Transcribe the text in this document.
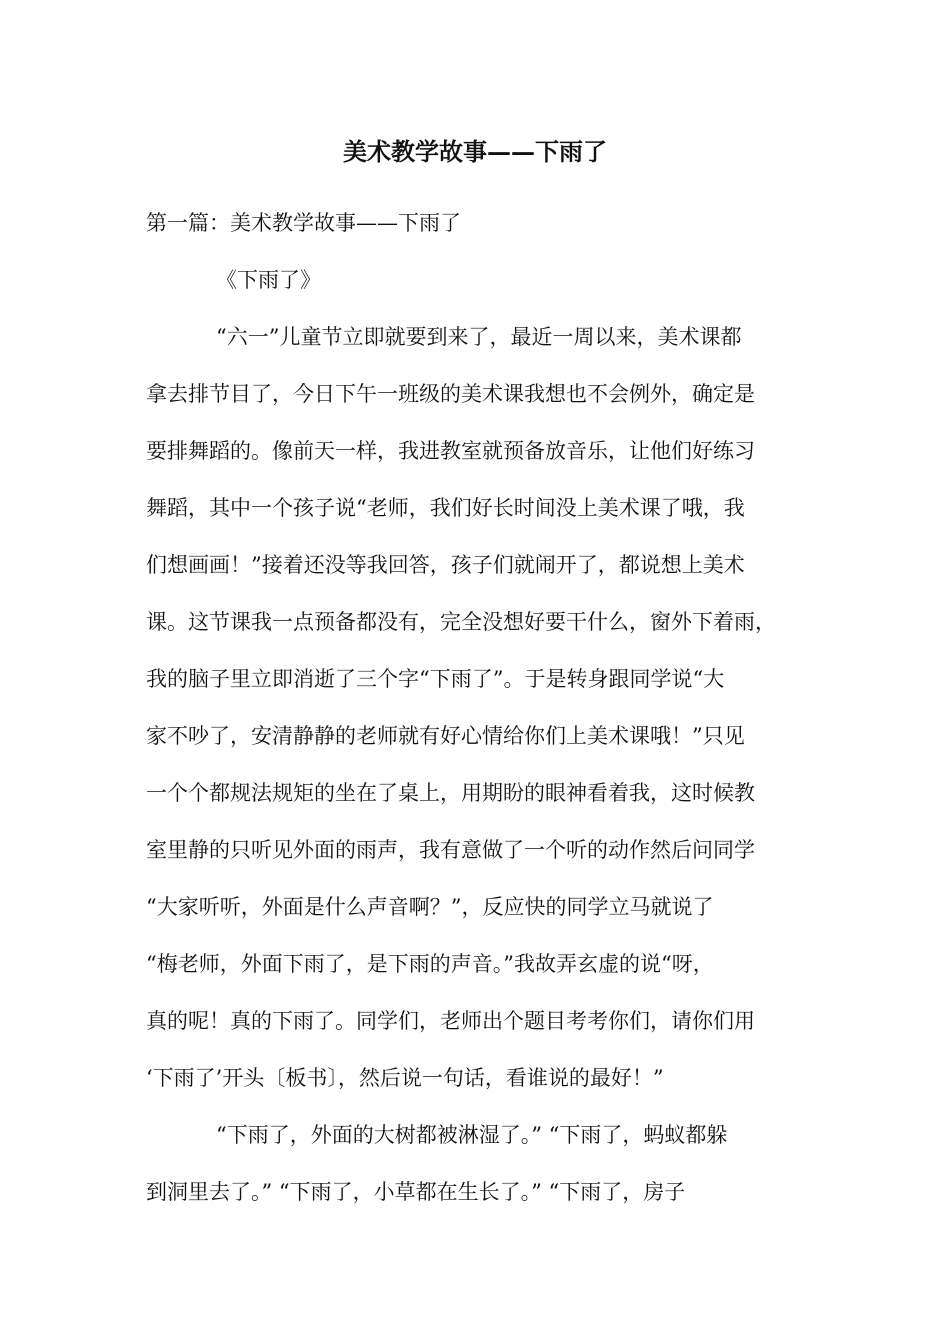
美术教学故事——下雨了
第一篇：美术教学故事——下雨了
《下雨了》
“六一”儿童节立即就要到来了，最近一周以来，美术课都
拿去排节目了，今日下午一班级的美术课我想也不会例外，确定是
要排舞蹈的。像前天一样，我进教室就预备放音乐，让他们好练习
舞蹈，其中一个孩子说“老师，我们好长时间没上美术课了哦，我
们想画画！”接着还没等我回答，孩子们就闹开了，都说想上美术
课。这节课我一点预备都没有，完全没想好要干什么，窗外下着雨，
我的脑子里立即消逝了三个字“下雨了”。于是转身跟同学说“大
家不吵了，安清静静的老师就有好心情给你们上美术课哦！”只见
一个个都规法规矩的坐在了桌上，用期盼的眼神看着我，这时候教
室里静的只听见外面的雨声，我有意做了一个听的动作然后问同学
“大家听听，外面是什么声音啊？”，反应快的同学立马就说了
“梅老师，外面下雨了，是下雨的声音。”我故弄玄虚的说“呀，
真的呢！真的下雨了。同学们，老师出个题目考考你们，请你们用
‘下雨了’开头〔板书〕，然后说一句话，看谁说的最好！”
“下雨了，外面的大树都被淋湿了。” “下雨了，蚂蚁都躲
到洞里去了。” “下雨了，小草都在生长了。” “下雨了，房子
